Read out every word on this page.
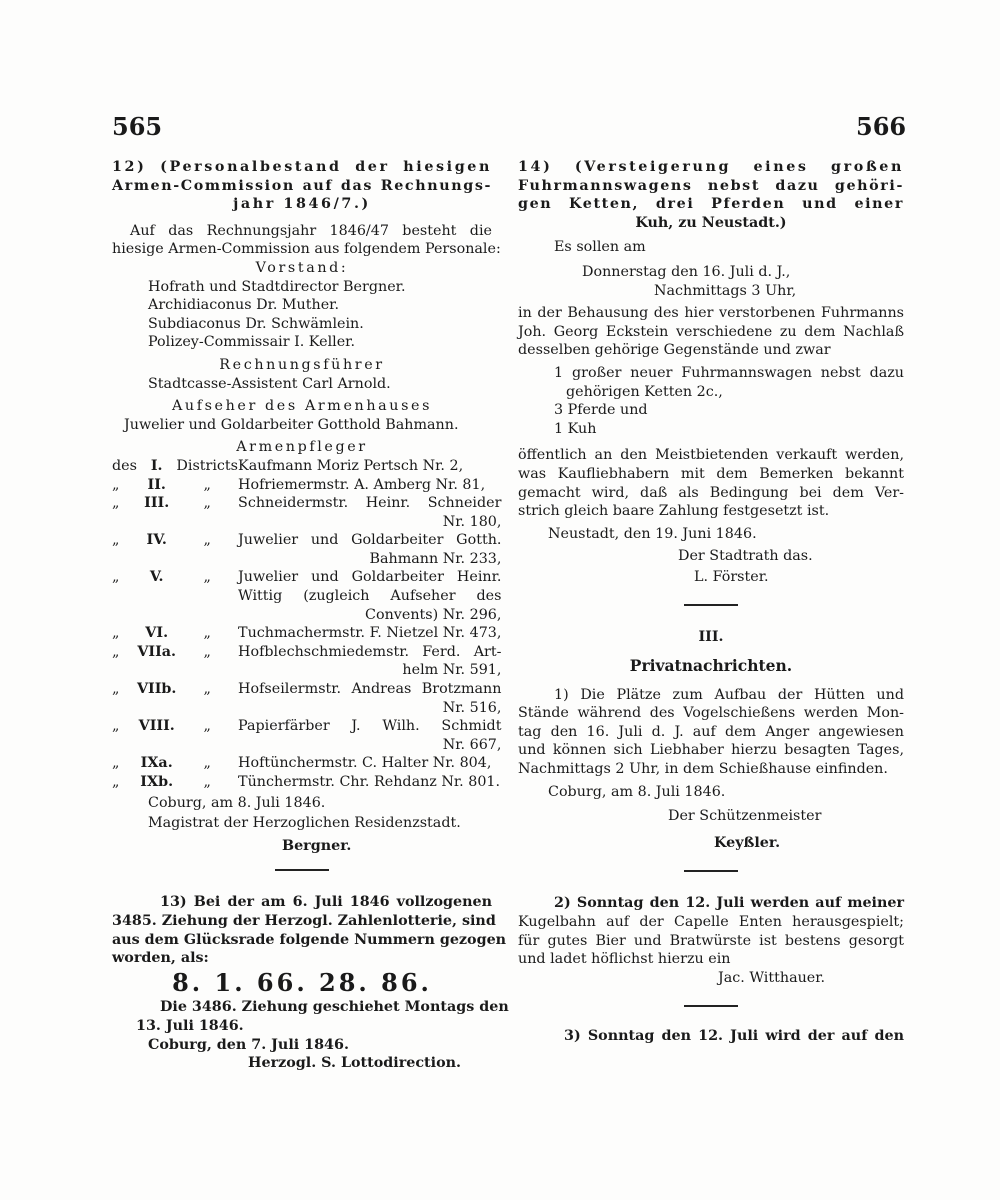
565	566
12) (Personalbestand der hiesigen
Armen-Commission auf das Rechnungs-
jahr 1846/7.)
Auf das Rechnungsjahr 1846/47 besteht die
hiesige Armen-Commission aus folgendem Personale:
Vorstand:
Hofrath und Stadtdirector Bergner.
Archidiaconus Dr. Muther.
Subdiaconus Dr. Schwämlein.
Polizey-Commissair I. Keller.
Rechnungsführer
Stadtcasse-Assistent Carl Arnold.
Aufseher des Armenhauses
Juwelier und Goldarbeiter Gotthold Bahmann.
Armenpfleger
des	I.	Districts	Kaufmann Moriz Pertsch Nr. 2,

„	II.	„	Hofriemermstr. A. Amberg Nr. 81,

„	III.	„	Schneidermstr. Heinr. Schneider
Nr. 180,

„	IV.	„	Juwelier und Goldarbeiter Gotth.
Bahmann Nr. 233,

„	V.	„	Juwelier und Goldarbeiter Heinr.
Wittig (zugleich Aufseher des
Convents) Nr. 296,

„	VI.	„	Tuchmachermstr. F. Nietzel Nr. 473,

„	VIIa.	„	Hofblechschmiedemstr. Ferd. Art-
helm Nr. 591,

„	VIIb.	„	Hofseilermstr. Andreas Brotzmann
Nr. 516,

„	VIII.	„	Papierfärber J. Wilh. Schmidt
Nr. 667,

„	IXa.	„	Hoftünchermstr. C. Halter Nr. 804,

„	IXb.	„	Tünchermstr. Chr. Rehdanz Nr. 801.
Coburg, am 8. Juli 1846.
Magistrat der Herzoglichen Residenzstadt.
Bergner.
13) Bei der am 6. Juli 1846 vollzogenen
3485. Ziehung der Herzogl. Zahlenlotterie, sind
aus dem Glücksrade folgende Nummern gezogen
worden, als:
8. 1. 66. 28. 86.
Die 3486. Ziehung geschiehet Montags den
13. Juli 1846.
Coburg, den 7. Juli 1846.
Herzogl. S. Lottodirection.
14) (Versteigerung eines großen
Fuhrmannswagens nebst dazu gehöri-
gen Ketten, drei Pferden und einer
Kuh, zu Neustadt.)
Es sollen am
Donnerstag den 16. Juli d. J.,
Nachmittags 3 Uhr,
in der Behausung des hier verstorbenen Fuhrmanns
Joh. Georg Eckstein verschiedene zu dem Nachlaß
desselben gehörige Gegenstände und zwar
1 großer neuer Fuhrmannswagen nebst dazu
gehörigen Ketten 2c.,
3 Pferde und
1 Kuh
öffentlich an den Meistbietenden verkauft werden,
was Kaufliebhabern mit dem Bemerken bekannt
gemacht wird, daß als Bedingung bei dem Ver-
strich gleich baare Zahlung festgesetzt ist.
Neustadt, den 19. Juni 1846.
Der Stadtrath das.
L. Förster.
III.
Privatnachrichten.
1) Die Plätze zum Aufbau der Hütten und
Stände während des Vogelschießens werden Mon-
tag den 16. Juli d. J. auf dem Anger angewiesen
und können sich Liebhaber hierzu besagten Tages,
Nachmittags 2 Uhr, in dem Schießhause einfinden.
Coburg, am 8. Juli 1846.
Der Schützenmeister
Keyßler.
2) Sonntag den 12. Juli werden auf meiner
Kugelbahn auf der Capelle Enten herausgespielt;
für gutes Bier und Bratwürste ist bestens gesorgt
und ladet höflichst hierzu ein
Jac. Witthauer.
3) Sonntag den 12. Juli wird der auf den
